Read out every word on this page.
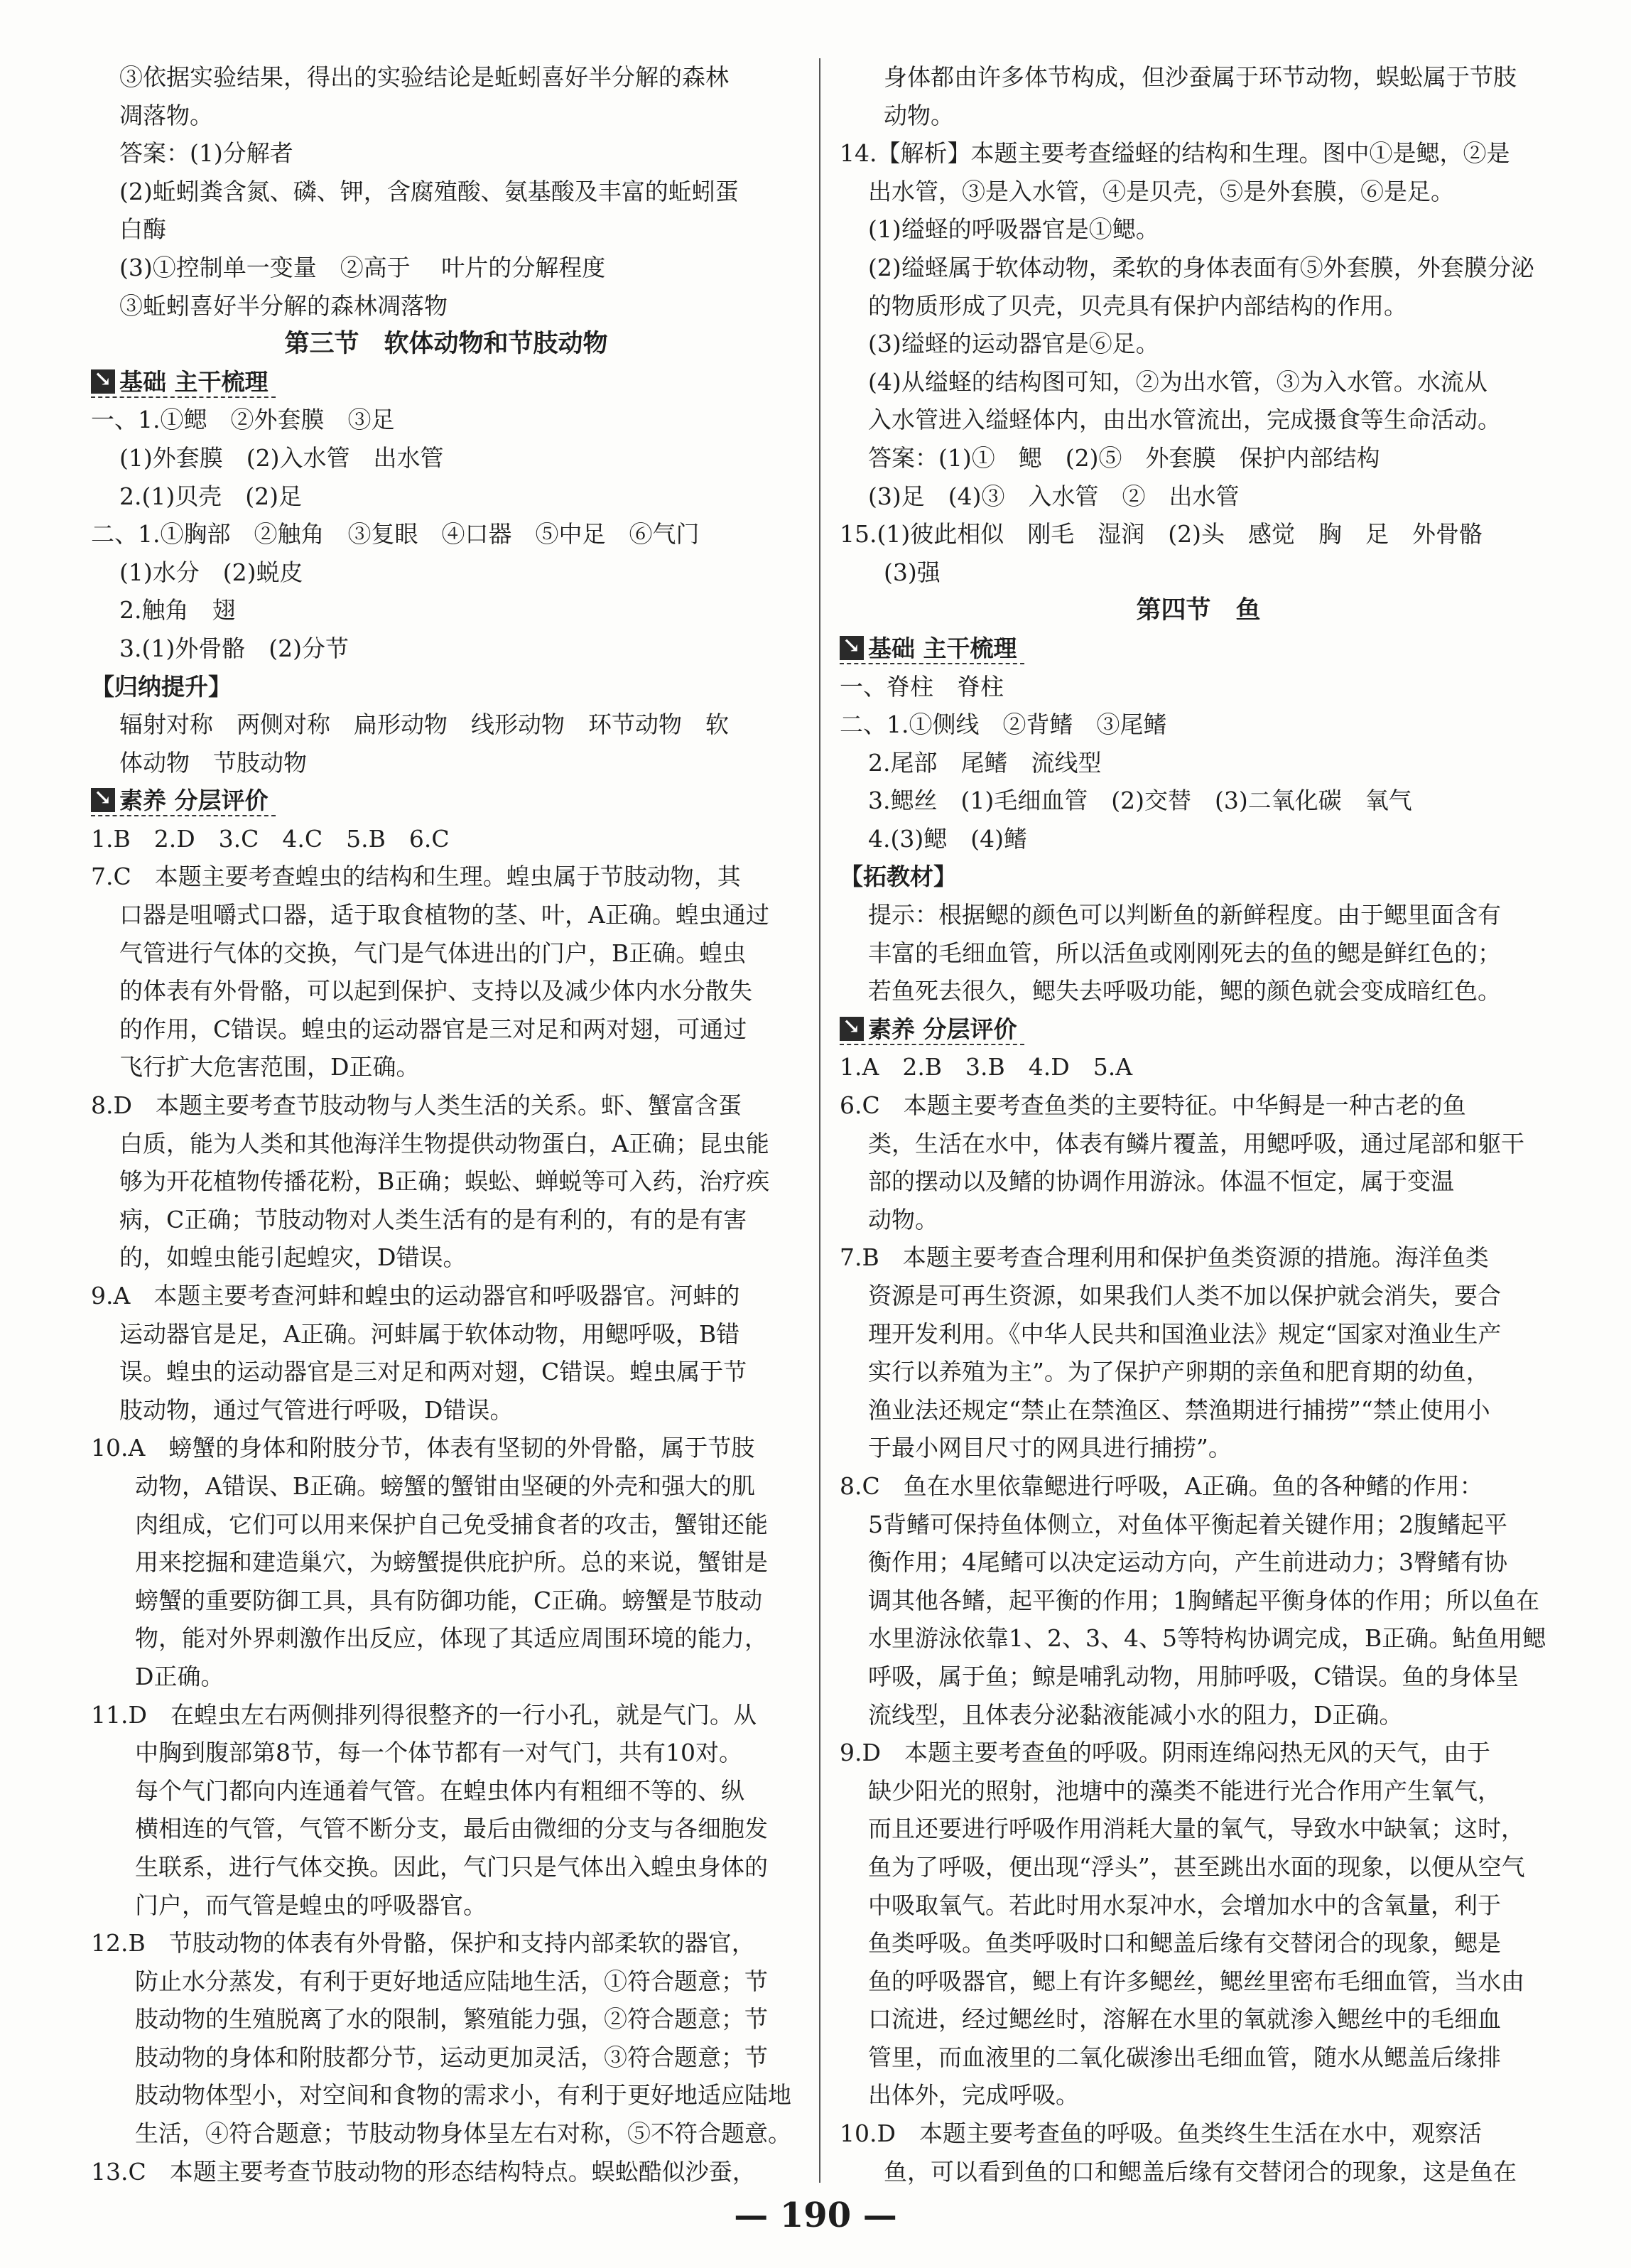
③依据实验结果，得出的实验结论是蚯蚓喜好半分解的森林
凋落物。
答案：(1)分解者
(2)蚯蚓粪含氮、磷、钾，含腐殖酸、氨基酸及丰富的蚯蚓蛋
白酶
(3)①控制单一变量　②高于　 叶片的分解程度
③蚯蚓喜好半分解的森林凋落物
第三节　软体动物和节肢动物
↘基础 主干梳理
一、1.①鳃　②外套膜　③足
(1)外套膜　(2)入水管　出水管
2.(1)贝壳　(2)足
二、1.①胸部　②触角　③复眼　④口器　⑤中足　⑥气门
(1)水分　(2)蜕皮
2.触角　翅
3.(1)外骨骼　(2)分节
【归纳提升】
辐射对称　两侧对称　扁形动物　线形动物　环节动物　软
体动物　节肢动物
↘素养 分层评价
1.B　2.D　3.C　4.C　5.B　6.C
7.C　本题主要考查蝗虫的结构和生理。蝗虫属于节肢动物，其
口器是咀嚼式口器，适于取食植物的茎、叶，A正确。蝗虫通过
气管进行气体的交换，气门是气体进出的门户，B正确。蝗虫
的体表有外骨骼，可以起到保护、支持以及减少体内水分散失
的作用，C错误。蝗虫的运动器官是三对足和两对翅，可通过
飞行扩大危害范围，D正确。
8.D　本题主要考查节肢动物与人类生活的关系。虾、蟹富含蛋
白质，能为人类和其他海洋生物提供动物蛋白，A正确；昆虫能
够为开花植物传播花粉，B正确；蜈蚣、蝉蜕等可入药，治疗疾
病，C正确；节肢动物对人类生活有的是有利的，有的是有害
的，如蝗虫能引起蝗灾，D错误。
9.A　本题主要考查河蚌和蝗虫的运动器官和呼吸器官。河蚌的
运动器官是足，A正确。河蚌属于软体动物，用鳃呼吸，B错
误。蝗虫的运动器官是三对足和两对翅，C错误。蝗虫属于节
肢动物，通过气管进行呼吸，D错误。
10.A　螃蟹的身体和附肢分节，体表有坚韧的外骨骼，属于节肢
动物，A错误、B正确。螃蟹的蟹钳由坚硬的外壳和强大的肌
肉组成，它们可以用来保护自己免受捕食者的攻击，蟹钳还能
用来挖掘和建造巢穴，为螃蟹提供庇护所。总的来说，蟹钳是
螃蟹的重要防御工具，具有防御功能，C正确。螃蟹是节肢动
物，能对外界刺激作出反应，体现了其适应周围环境的能力，
D正确。
11.D　在蝗虫左右两侧排列得很整齐的一行小孔，就是气门。从
中胸到腹部第8节，每一个体节都有一对气门，共有10对。
每个气门都向内连通着气管。在蝗虫体内有粗细不等的、纵
横相连的气管，气管不断分支，最后由微细的分支与各细胞发
生联系，进行气体交换。因此，气门只是气体出入蝗虫身体的
门户，而气管是蝗虫的呼吸器官。
12.B　节肢动物的体表有外骨骼，保护和支持内部柔软的器官，
防止水分蒸发，有利于更好地适应陆地生活，①符合题意；节
肢动物的生殖脱离了水的限制，繁殖能力强，②符合题意；节
肢动物的身体和附肢都分节，运动更加灵活，③符合题意；节
肢动物体型小，对空间和食物的需求小，有利于更好地适应陆地
生活，④符合题意；节肢动物身体呈左右对称，⑤不符合题意。
13.C　本题主要考查节肢动物的形态结构特点。蜈蚣酷似沙蚕，
身体都由许多体节构成，但沙蚕属于环节动物，蜈蚣属于节肢
动物。
14.【解析】本题主要考查缢蛏的结构和生理。图中①是鳃，②是
出水管，③是入水管，④是贝壳，⑤是外套膜，⑥是足。
(1)缢蛏的呼吸器官是①鳃。
(2)缢蛏属于软体动物，柔软的身体表面有⑤外套膜，外套膜分泌
的物质形成了贝壳，贝壳具有保护内部结构的作用。
(3)缢蛏的运动器官是⑥足。
(4)从缢蛏的结构图可知，②为出水管，③为入水管。水流从
入水管进入缢蛏体内，由出水管流出，完成摄食等生命活动。
答案：(1)①　鳃　(2)⑤　外套膜　保护内部结构
(3)足　(4)③　入水管　②　出水管
15.(1)彼此相似　刚毛　湿润　(2)头　感觉　胸　足　外骨骼
(3)强
第四节　鱼
↘基础 主干梳理
一、脊柱　脊柱
二、1.①侧线　②背鳍　③尾鳍
2.尾部　尾鳍　流线型
3.鳃丝　(1)毛细血管　(2)交替　(3)二氧化碳　氧气
4.(3)鳃　(4)鳍
【拓教材】
提示：根据鳃的颜色可以判断鱼的新鲜程度。由于鳃里面含有
丰富的毛细血管，所以活鱼或刚刚死去的鱼的鳃是鲜红色的；
若鱼死去很久，鳃失去呼吸功能，鳃的颜色就会变成暗红色。
↘素养 分层评价
1.A　2.B　3.B　4.D　5.A
6.C　本题主要考查鱼类的主要特征。中华鲟是一种古老的鱼
类，生活在水中，体表有鳞片覆盖，用鳃呼吸，通过尾部和躯干
部的摆动以及鳍的协调作用游泳。体温不恒定，属于变温
动物。
7.B　本题主要考查合理利用和保护鱼类资源的措施。海洋鱼类
资源是可再生资源，如果我们人类不加以保护就会消失，要合
理开发利用。《中华人民共和国渔业法》规定“国家对渔业生产
实行以养殖为主”。为了保护产卵期的亲鱼和肥育期的幼鱼，
渔业法还规定“禁止在禁渔区、禁渔期进行捕捞”“禁止使用小
于最小网目尺寸的网具进行捕捞”。
8.C　鱼在水里依靠鳃进行呼吸，A正确。鱼的各种鳍的作用：
5背鳍可保持鱼体侧立，对鱼体平衡起着关键作用；2腹鳍起平
衡作用；4尾鳍可以决定运动方向，产生前进动力；3臀鳍有协
调其他各鳍，起平衡的作用；1胸鳍起平衡身体的作用；所以鱼在
水里游泳依靠1、2、3、4、5等特构协调完成，B正确。鲇鱼用鳃
呼吸，属于鱼；鲸是哺乳动物，用肺呼吸，C错误。鱼的身体呈
流线型，且体表分泌黏液能减小水的阻力，D正确。
9.D　本题主要考查鱼的呼吸。阴雨连绵闷热无风的天气，由于
缺少阳光的照射，池塘中的藻类不能进行光合作用产生氧气，
而且还要进行呼吸作用消耗大量的氧气，导致水中缺氧；这时，
鱼为了呼吸，便出现“浮头”，甚至跳出水面的现象，以便从空气
中吸取氧气。若此时用水泵冲水，会增加水中的含氧量，利于
鱼类呼吸。鱼类呼吸时口和鳃盖后缘有交替闭合的现象，鳃是
鱼的呼吸器官，鳃上有许多鳃丝，鳃丝里密布毛细血管，当水由
口流进，经过鳃丝时，溶解在水里的氧就渗入鳃丝中的毛细血
管里，而血液里的二氧化碳渗出毛细血管，随水从鳃盖后缘排
出体外，完成呼吸。
10.D　本题主要考查鱼的呼吸。鱼类终生生活在水中，观察活
鱼，可以看到鱼的口和鳃盖后缘有交替闭合的现象，这是鱼在
— 190 —
